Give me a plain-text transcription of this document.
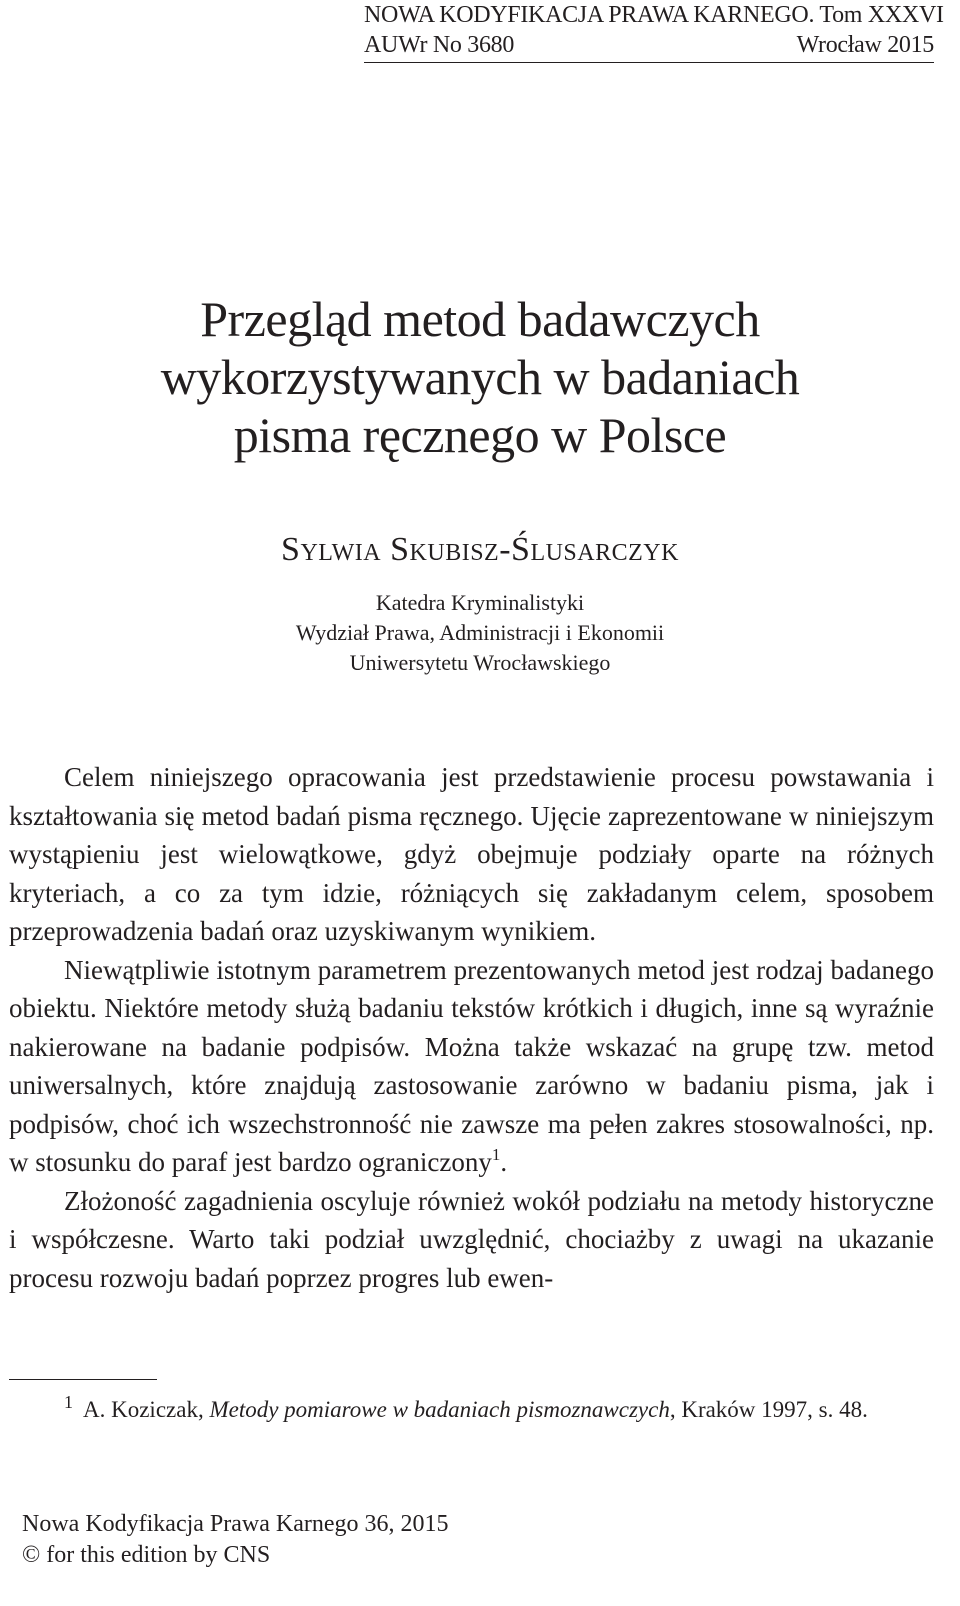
NOWA KODYFIKACJA PRAWA KARNEGO. Tom XXXVI
AUWr No 3680	Wrocław 2015
Przegląd metod badawczych
wykorzystywanych w badaniach
pisma ręcznego w Polsce
Sylwia Skubisz-Ślusarczyk
Katedra Kryminalistyki
Wydział Prawa, Administracji i Ekonomii
Uniwersytetu Wrocławskiego

Celem niniejszego opracowania jest przedstawienie procesu powstawania i kształtowania się metod badań pisma ręcznego. Ujęcie zaprezentowane w niniejszym wystąpieniu jest wielowątkowe, gdyż obejmuje podziały oparte na różnych kryteriach, a co za tym idzie, różniących się zakładanym celem, sposobem przeprowadzenia badań oraz uzyskiwanym wynikiem.

Niewątpliwie istotnym parametrem prezentowanych metod jest rodzaj badanego obiektu. Niektóre metody służą badaniu tekstów krótkich i długich, inne są wyraźnie nakierowane na badanie podpisów. Można także wskazać na grupę tzw. metod uniwersalnych, które znajdują zastosowanie zarówno w badaniu pisma, jak i podpisów, choć ich wszechstronność nie zawsze ma pełen zakres stosowalności, np. w stosunku do paraf jest bardzo ograniczony$^1$.

Złożoność zagadnienia oscyluje również wokół podziału na metody historyczne i współczesne. Warto taki podział uwzględnić, chociażby z uwagi na ukazanie procesu rozwoju badań poprzez progres lub ewen-

$^1$ A. Koziczak, Metody pomiarowe w badaniach pismoznawczych, Kraków 1997, s. 48.
Nowa Kodyfikacja Prawa Karnego 36, 2015
© for this edition by CNS
